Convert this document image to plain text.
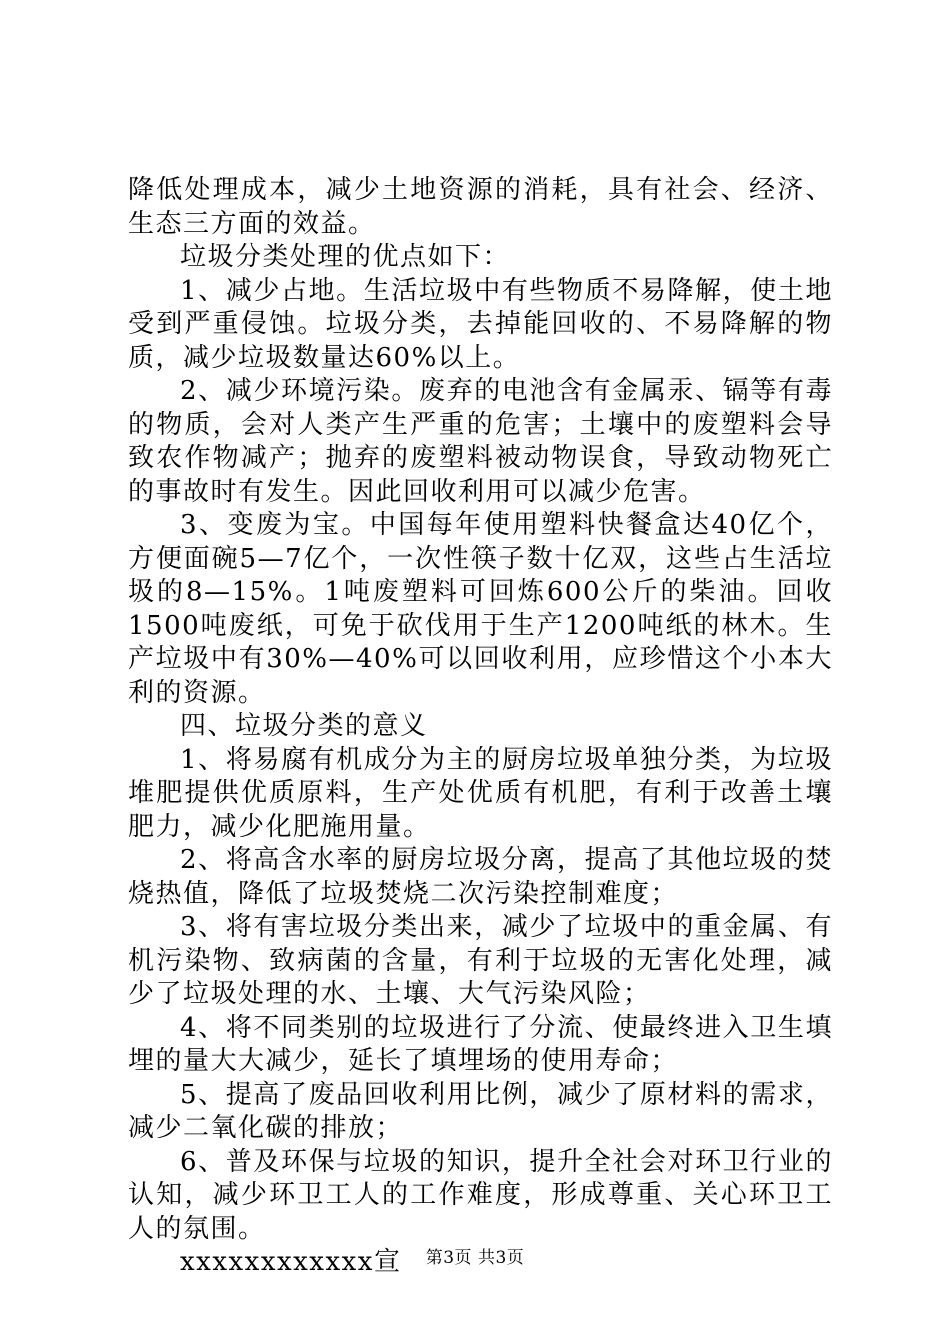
降低处理成本，减少土地资源的消耗，具有社会、经济、生态三方面的效益。

垃圾分类处理的优点如下：

1、减少占地。生活垃圾中有些物质不易降解，使土地受到严重侵蚀。垃圾分类，去掉能回收的、不易降解的物质，减少垃圾数量达60%以上。

2、减少环境污染。废弃的电池含有金属汞、镉等有毒的物质，会对人类产生严重的危害；土壤中的废塑料会导致农作物减产；抛弃的废塑料被动物误食，导致动物死亡的事故时有发生。因此回收利用可以减少危害。

3、变废为宝。中国每年使用塑料快餐盒达40亿个，方便面碗5—7亿个，一次性筷子数十亿双，这些占生活垃圾的8—15%。1吨废塑料可回炼600公斤的柴油。回收1500吨废纸，可免于砍伐用于生产1200吨纸的林木。生产垃圾中有30%—40%可以回收利用，应珍惜这个小本大利的资源。

四、垃圾分类的意义

1、将易腐有机成分为主的厨房垃圾单独分类，为垃圾堆肥提供优质原料，生产处优质有机肥，有利于改善土壤肥力，减少化肥施用量。

2、将高含水率的厨房垃圾分离，提高了其他垃圾的焚烧热值，降低了垃圾焚烧二次污染控制难度；

3、将有害垃圾分类出来，减少了垃圾中的重金属、有机污染物、致病菌的含量，有利于垃圾的无害化处理，减少了垃圾处理的水、土壤、大气污染风险；

4、将不同类别的垃圾进行了分流、使最终进入卫生填埋的量大大减少，延长了填埋场的使用寿命；

5、提高了废品回收利用比例，减少了原材料的需求，减少二氧化碳的排放；

6、普及环保与垃圾的知识，提升全社会对环卫行业的认知，减少环卫工人的工作难度，形成尊重、关心环卫工人的氛围。

xxxxxxxxxxxx宣	第3页 共3页
